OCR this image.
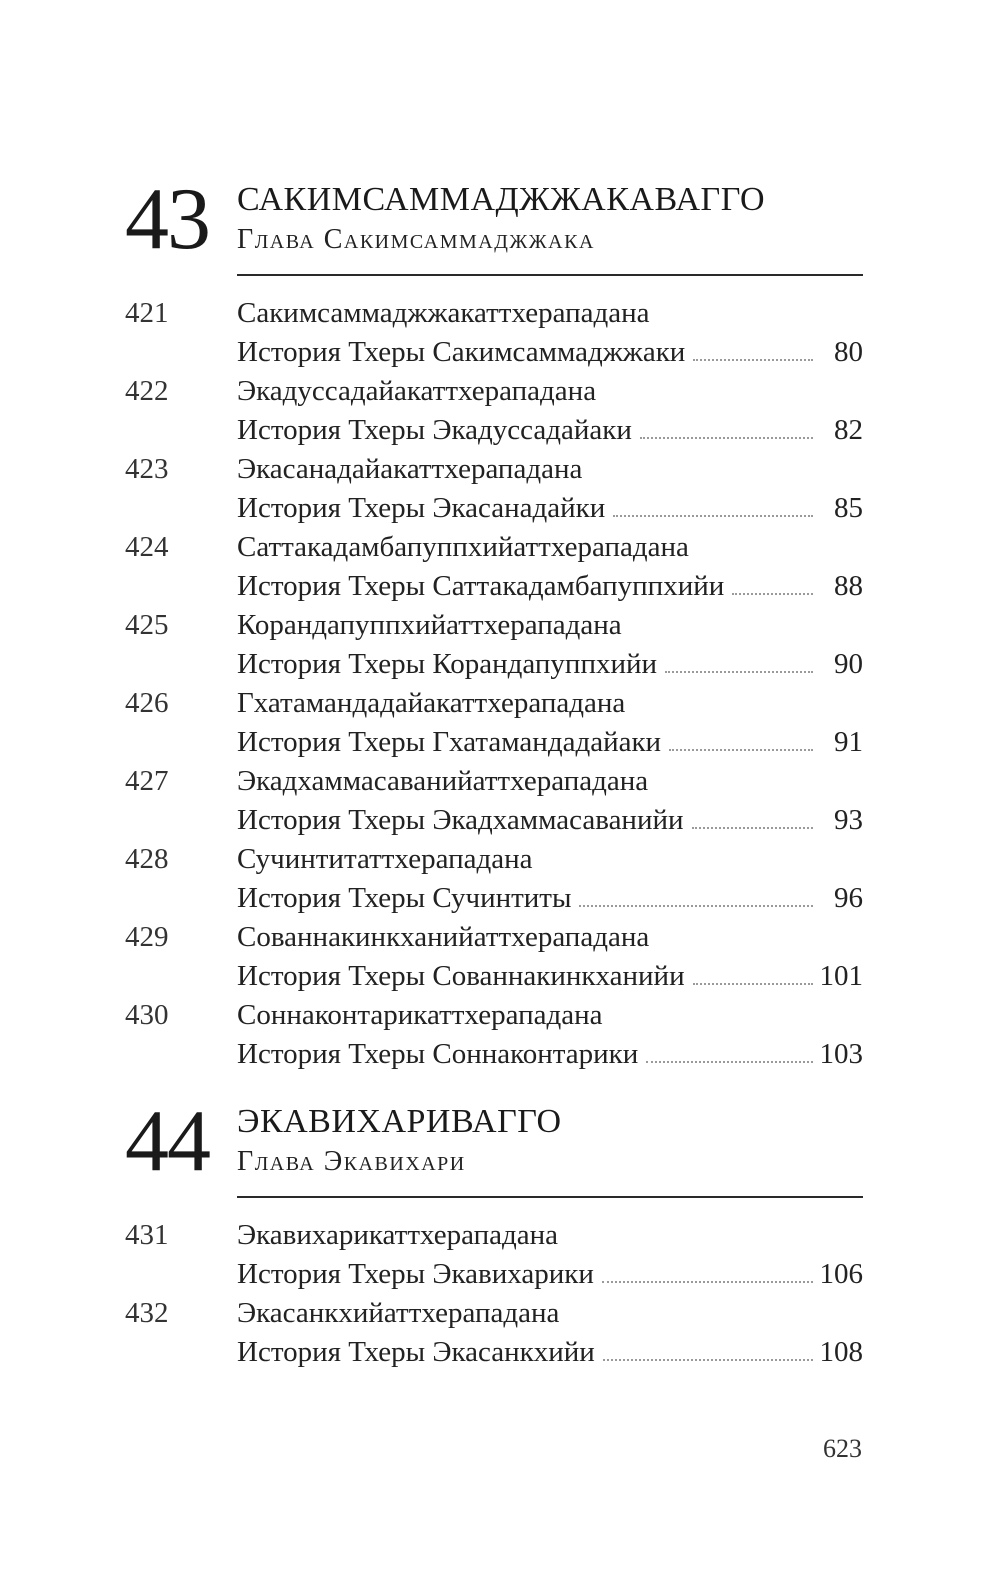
43 САКИМСАММАДЖЖАКАВАГГО
Глава Сакимсаммаджжака
421 Сакимсаммаджжакаттхерападана
История Тхеры Сакимсаммаджжаки	80
422 Экадуссадайакаттхерападана
История Тхеры Экадуссадайаки	82
423 Экасанадайакаттхерападана
История Тхеры Экасанадайки	85
424 Саттакадамбапуппхийаттхерападана
История Тхеры Саттакадамбапуппхийи	88
425 Корандапуппхийаттхерападана
История Тхеры Корандапуппхийи	90
426 Гхатамандадайакаттхерападана
История Тхеры Гхатамандадайаки	91
427 Экадхаммасаванийаттхерападана
История Тхеры Экадхаммасаванийи	93
428 Сучинтитаттхерападана
История Тхеры Сучинтиты	96
429 Сованнакинкханийаттхерападана
История Тхеры Сованнакинкханийи	101
430 Соннаконтарикаттхерападана
История Тхеры Соннаконтарики	103
44 ЭКАВИХАРИВАГГО
Глава Экавихари
431 Экавихарикаттхерападана
История Тхеры Экавихарики	106
432 Экасанкхийаттхерападана
История Тхеры Экасанкхийи	108
623
